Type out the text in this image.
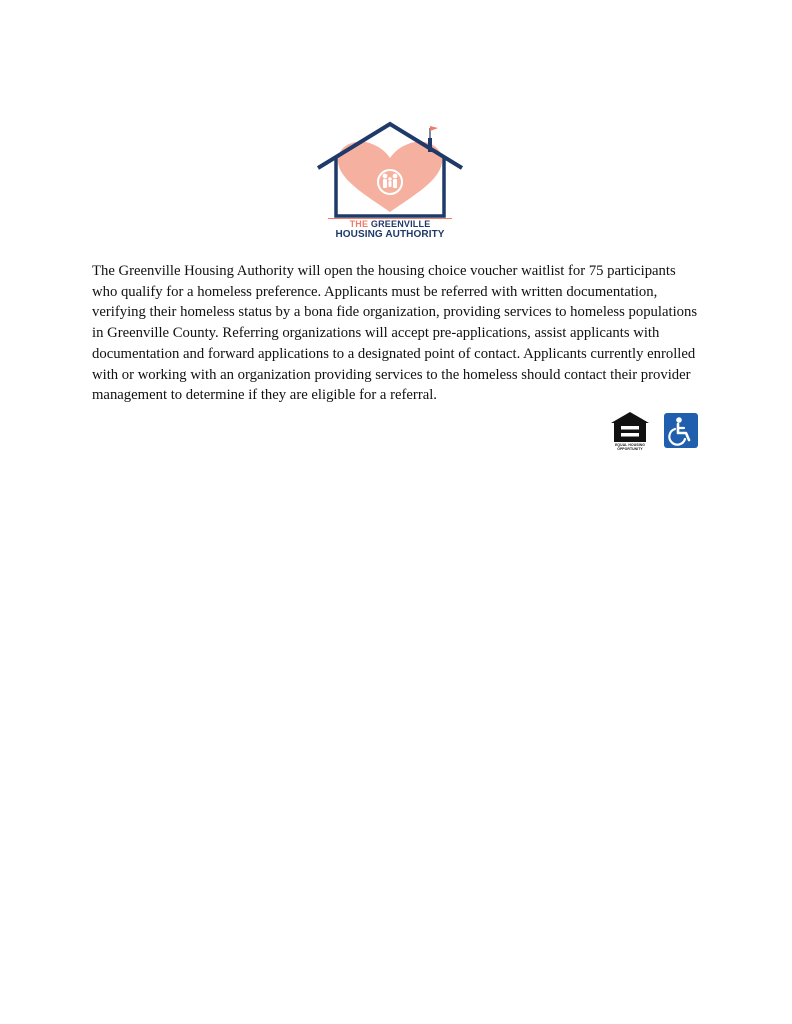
THE GREENVILLE
HOUSING AUTHORITY

The Greenville Housing Authority will open the housing choice voucher waitlist for 75 participants who qualify for a homeless preference. Applicants must be referred with written documentation, verifying their homeless status by a bona fide organization, providing services to homeless populations in Greenville County. Referring organizations will accept pre-applications, assist applicants with documentation and forward applications to a designated point of contact. Applicants currently enrolled with or working with an organization providing services to the homeless should contact their provider management to determine if they are eligible for a referral.

EQUAL HOUSING
OPPORTUNITY
